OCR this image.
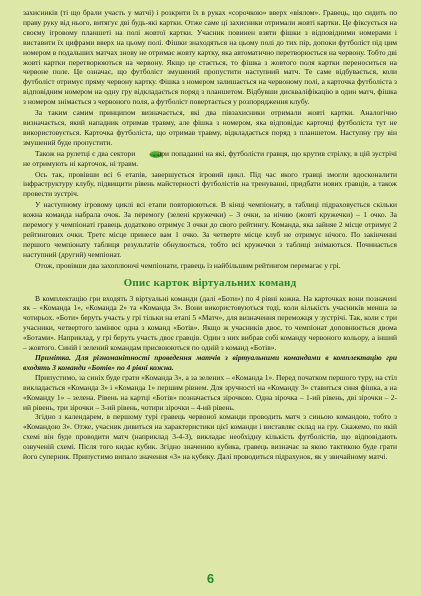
захисників (ті що брали участь у матчі) і розкрити їх в руках «сорочкою» вверх «віялом». Гравець, що сидить по праву руку від нього, витягує дві будь-які картки. Отже саме ці захисники отримали жовті картки. Це фіксується на своєму ігровому планшеті на полі жовтої картки. Учасник повинен взяти фішки з відповідними номерами і виставити їх цифрами вверх на цьому полі. Фішки знаходяться на цьому полі до тих пір, допоки футболіст під цим номером в подальших матчах знову не отримає жовту картку, яка автоматично перетворюється на червону. Тобто дві жовті картки перетворюються на червону. Якщо це стається, то фішка з жовтого поля картки переноситься на червоне поле. Це означає, що футболіст змушений пропустити наступний матч. Те саме відбувається, коли футболіст отримує пряму червону картку. Фішка з номером залишається на червоному полі, а карточка футболіста з відповідним номером на одну гру відкладається поряд з планшетом. Відбувши дискваліфікацію в один матч, фішка з номером знімається з червоного поля, а футболіст повертається у розпорядження клубу.

За таким самим принципом визначається, які два півзахисники отримали жовті картки. Аналогічно визначається, який нападник отримав травму, але фішка з номером, яка відповідає карточці футболіста тут не використовується. Карточка футболіста, що отримав травму, відкладається поряд з планшетом. Наступну гру він змушений буде пропустити.

Також на рулетці є два сектори , при попаданні на які, футболісти гравця, що крутив стрілку, в цій зустрічі не отримують ні карточок, ні травм.

Ось так, провівши всі 6 етапів, завершується ігровий цикл. Під час якого гравці змогли вдосконалити інфраструктуру клубу, підвищити рівень майстерності футболістів на тренуванні, придбати нових гравців, а також провести зустріч.

У наступному ігровому циклі всі етапи повторюються. В кінці чемпіонату, в таблиці підраховується скільки кожна команда набрала очок. За перемогу (зелені кружечки) – 3 очки, за нічию (жовті кружечки) – 1 очко. За перемогу у чемпіонаті гравець додатково отримує 3 очки до свого рейтингу. Команда, яка зайняе 2 місце отримує 2 рейтингових очки. Третє місце принесе вам 1 очко. За четверте місце клуб не отримує нічого. По закінченні першого чемпіонату таблиця результатів обнулюється, тобто всі кружечки з таблиці знімаються. Починається наступний (другий) чемпіонат.

Отож, провівши два захоплюючі чемпіонати, гравець із найбільшим рейтингом перемагає у грі.

Опис карток віртуальних команд

В комплектацію гри входять 3 віртуальні команди (далі «Боти») по 4 рівні кожна. На карточках вони позначені як – «Команда 1», «Команда 2» та «Команда 3». Вони використовуються тоді, коли кількість учасників менша за чотирьох. «Боти» беруть участь у грі тільки на етапі 5 «Матч», для визначення переможця у зустрічі. Так, коли є три учасники, четвертого замінює одна з команд «Ботів». Якщо ж учасників двоє, то чемпіонат доповнюється двома «Ботами». Наприклад, у грі беруть участь двоє гравців. Один з них вибрав собі команду червоного кольору, а інший – жовтого. Синій і зелений командам присвоюються по одній з команд «Ботів».

Примітка. Для різноманітності проведення матчів з віртуальними командами в комплектацію гри входять 3 команди «Ботів» по 4 рівні кожна.

Припустимо, за синіх буде грати «Команда 3», а за зелених – «Команда 1». Перед початком першого туру, на стіл викладається «Команда 3» і «Команда 1» першим рівнем. Для зручності на «Команду 3» ставиться синя фішка, а на «Команду 1» – зелена. Рівень на картці «Ботів» позначається зірочкою. Одна зірочка – 1-ий рівень, дві зірочки – 2-ий рівень, три зірочки – 3-ий рівень, чотири зірочки – 4-ий рівень.

Згідно з календарем, в першому турі гравець червоної команди проводить матч з синьою командою, тобто з «Командою 3». Отже, учасник дивиться на характеристики цієї команди і виставляє склад на гру. Скажемо, по якій схемі він буде проводити матч (наприклад 3-4-3), викладає необхідну кількість футболістів, що відповідають озвученій схемі. Після того кидає кубик. Згідно значенню кубика, гравець визначає за якою тактикою буде грати його суперник. Припустимо випало значення «3» на кубику. Далі проводиться підрахунок, як у звичайному матчі.

6
